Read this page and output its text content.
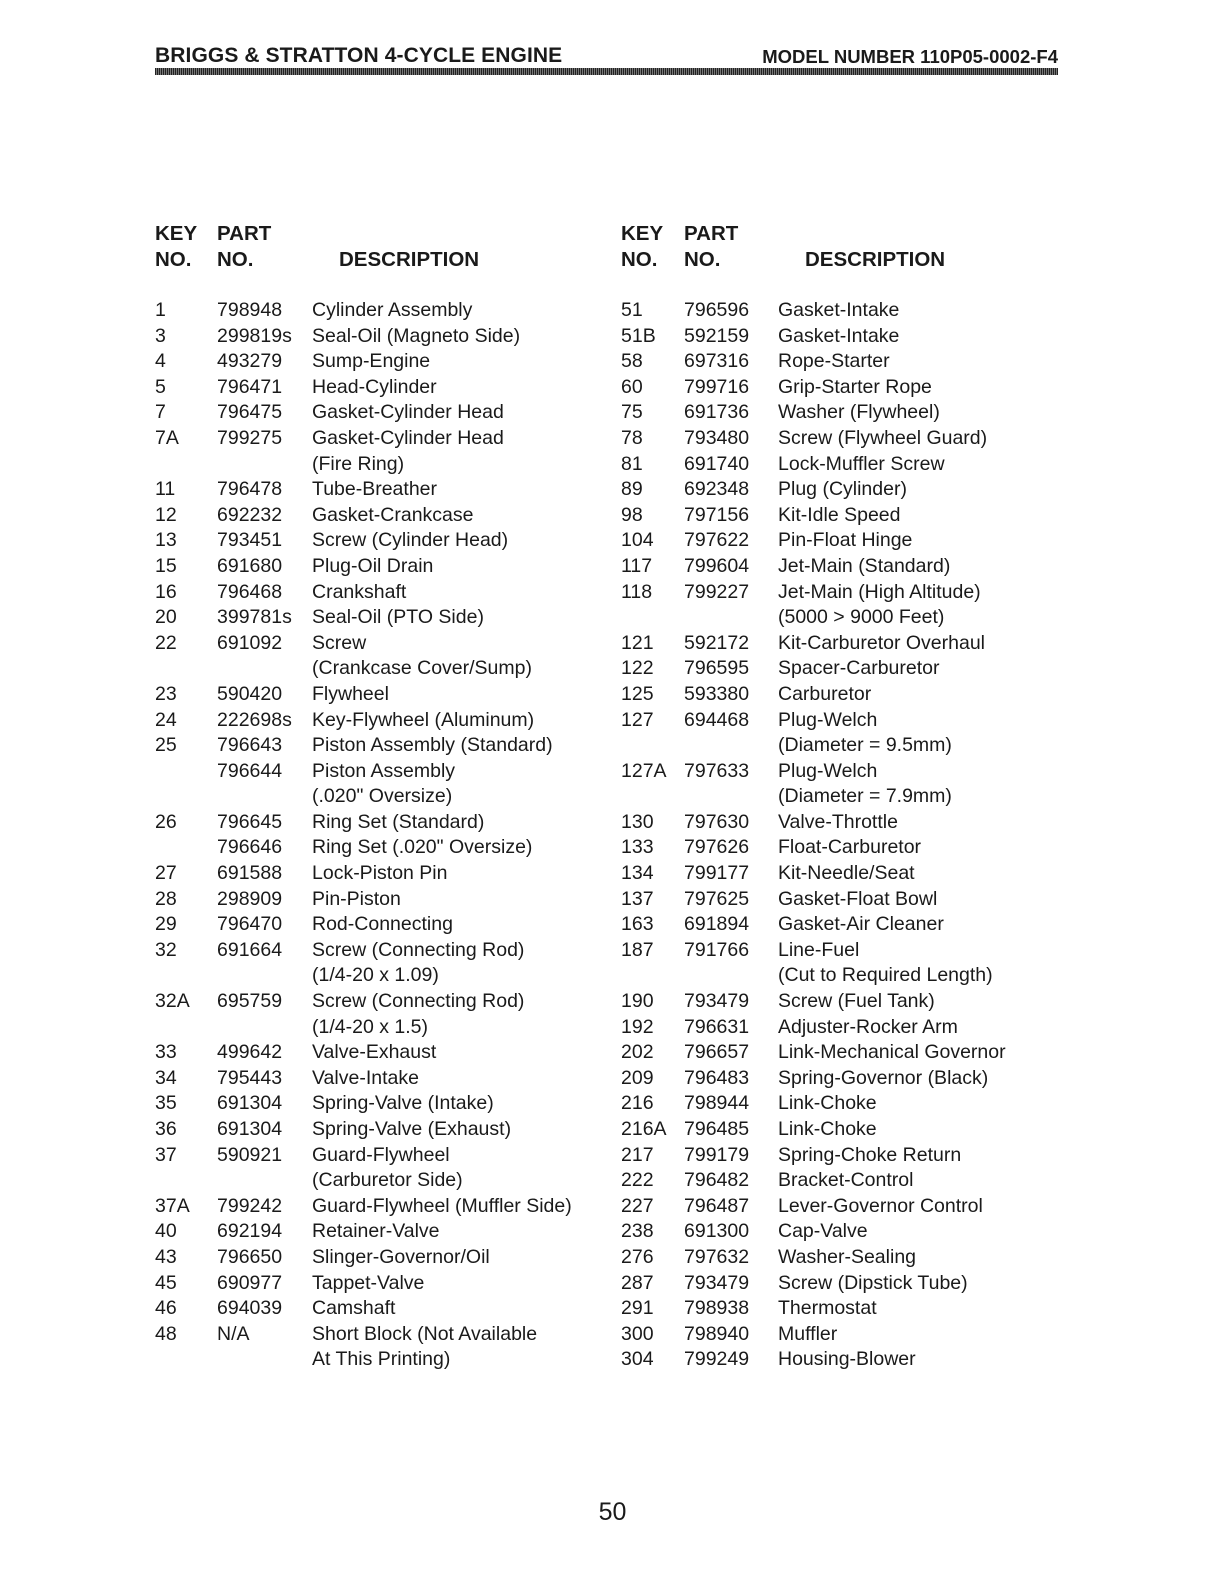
BRIGGS & STRATTON 4-CYCLE ENGINE	MODEL NUMBER 110P05-0002-F4
KEY
NO.
PART
NO.	DESCRIPTION
1	798948 Cylinder Assembly
3	299819s Seal-Oil (Magneto Side)
4	493279 Sump-Engine
5	796471 Head-Cylinder
7	796475 Gasket-Cylinder Head
7A 799275 Gasket-Cylinder Head
(Fire Ring)
11 796478 Tube-Breather
12 692232 Gasket-Crankcase
13 793451 Screw (Cylinder Head)
15 691680 Plug-Oil Drain
16 796468 Crankshaft
20 399781s Seal-Oil (PTO Side)
22 691092 Screw
(Crankcase Cover/Sump)
23 590420 Flywheel
24 222698s Key-Flywheel (Aluminum)
25 796643 Piston Assembly (Standard)
796644 Piston Assembly
(.020" Oversize)
26 796645 Ring Set (Standard)
796646 Ring Set (.020" Oversize)
27 691588 Lock-Piston Pin
28 298909 Pin-Piston
29 796470 Rod-Connecting
32 691664 Screw (Connecting Rod)
(1/4-20 x 1.09)
32A 695759 Screw (Connecting Rod)
(1/4-20 x 1.5)
33 499642 Valve-Exhaust
34 795443 Valve-Intake
35 691304 Spring-Valve (Intake)
36 691304 Spring-Valve (Exhaust)
37 590921 Guard-Flywheel
(Carburetor Side)
37A 799242 Guard-Flywheel (Muffler Side)
40 692194 Retainer-Valve
43 796650 Slinger-Governor/Oil
45 690977 Tappet-Valve
46 694039 Camshaft
48 N/A	Short Block (Not Available
At This Printing)
KEY
NO.
PART
NO.	DESCRIPTION
51 796596 Gasket-Intake
51B 592159 Gasket-Intake
58 697316 Rope-Starter
60 799716 Grip-Starter Rope
75 691736 Washer (Flywheel)
78 793480 Screw (Flywheel Guard)
81 691740 Lock-Muffler Screw
89 692348 Plug (Cylinder)
98 797156 Kit-Idle Speed
104 797622 Pin-Float Hinge
117 799604 Jet-Main (Standard)
118 799227 Jet-Main (High Altitude)
(5000 > 9000 Feet)
121 592172 Kit-Carburetor Overhaul
122 796595 Spacer-Carburetor
125 593380 Carburetor
127 694468 Plug-Welch
(Diameter = 9.5mm)
127A 797633 Plug-Welch
(Diameter = 7.9mm)
130 797630 Valve-Throttle
133 797626 Float-Carburetor
134 799177 Kit-Needle/Seat
137 797625 Gasket-Float Bowl
163 691894 Gasket-Air Cleaner
187 791766 Line-Fuel
(Cut to Required Length)
190 793479 Screw (Fuel Tank)
192 796631 Adjuster-Rocker Arm
202 796657 Link-Mechanical Governor
209 796483 Spring-Governor (Black)
216 798944 Link-Choke
216A 796485 Link-Choke
217 799179 Spring-Choke Return
222 796482 Bracket-Control
227 796487 Lever-Governor Control
238 691300 Cap-Valve
276 797632 Washer-Sealing
287 793479 Screw (Dipstick Tube)
291 798938 Thermostat
300 798940 Muffler
304 799249 Housing-Blower
50
